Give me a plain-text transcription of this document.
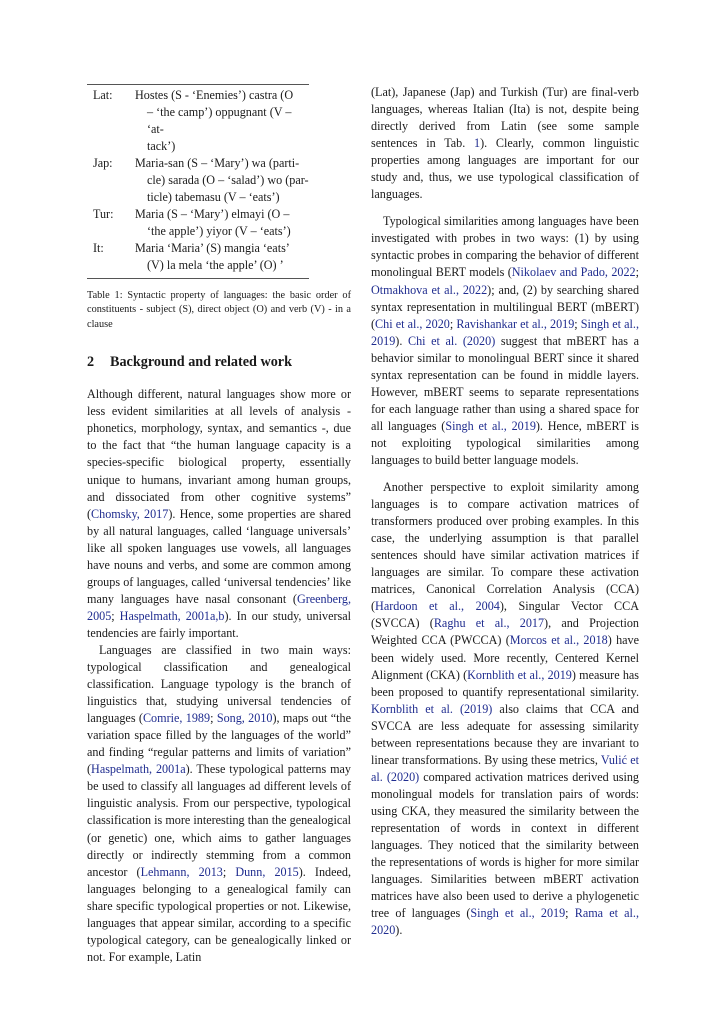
Lat:	Hostes (S - ‘Enemies’) castra (O
– ‘the camp’) oppugnant (V – ‘at-
tack’)

Jap:	Maria-san (S – ‘Mary’) wa (parti-
cle) sarada (O – ‘salad’) wo (par-
ticle) tabemasu (V – ‘eats’)

Tur:	Maria (S – ‘Mary’) elmayi (O –
‘the apple’) yiyor (V – ‘eats’)

It:	Maria ‘Maria’ (S) mangia ‘eats’
(V) la mela ‘the apple’ (O) ’
Table 1: Syntactic property of languages: the basic order of constituents - subject (S), direct object (O) and verb (V) - in a clause
2 Background and related work

Although different, natural languages show more or less evident similarities at all levels of analysis - phonetics, morphology, syntax, and semantics -, due to the fact that “the human language capacity is a species-specific biological property, essentially unique to humans, invariant among human groups, and dissociated from other cognitive systems” (Chomsky, 2017). Hence, some properties are shared by all natural languages, called ‘language universals’ like all spoken languages use vowels, all languages have nouns and verbs, and some are common among groups of languages, called ‘universal tendencies’ like many languages have nasal consonant (Greenberg, 2005; Haspelmath, 2001a,b). In our study, universal tendencies are fairly important.

Languages are classified in two main ways: typological classification and genealogical classification. Language typology is the branch of linguistics that, studying universal tendencies of languages (Comrie, 1989; Song, 2010), maps out “the variation space filled by the languages of the world” and finding “regular patterns and limits of variation” (Haspelmath, 2001a). These typological patterns may be used to classify all languages ad different levels of linguistic analysis. From our perspective, typological classification is more interesting than the genealogical (or genetic) one, which aims to gather languages directly or indirectly stemming from a common ancestor (Lehmann, 2013; Dunn, 2015). Indeed, languages belonging to a genealogical family can share specific typological properties or not. Likewise, languages that appear similar, according to a specific typological category, can be genealogically linked or not. For example, Latin

(Lat), Japanese (Jap) and Turkish (Tur) are final-verb languages, whereas Italian (Ita) is not, despite being directly derived from Latin (see some sample sentences in Tab. 1). Clearly, common linguistic properties among languages are important for our study and, thus, we use typological classification of languages.

Typological similarities among languages have been investigated with probes in two ways: (1) by using syntactic probes in comparing the behavior of different monolingual BERT models (Nikolaev and Pado, 2022; Otmakhova et al., 2022); and, (2) by searching shared syntax representation in multilingual BERT (mBERT) (Chi et al., 2020; Ravishankar et al., 2019; Singh et al., 2019). Chi et al. (2020) suggest that mBERT has a behavior similar to monolingual BERT since it shared syntax representation can be found in middle layers. However, mBERT seems to separate representations for each language rather than using a shared space for all languages (Singh et al., 2019). Hence, mBERT is not exploiting typological similarities among languages to build better language models.

Another perspective to exploit similarity among languages is to compare activation matrices of transformers produced over probing examples. In this case, the underlying assumption is that parallel sentences should have similar activation matrices if languages are similar. To compare these activation matrices, Canonical Correlation Analysis (CCA) (Hardoon et al., 2004), Singular Vector CCA (SVCCA) (Raghu et al., 2017), and Projection Weighted CCA (PWCCA) (Morcos et al., 2018) have been widely used. More recently, Centered Kernel Alignment (CKA) (Kornblith et al., 2019) measure has been proposed to quantify representational similarity. Kornblith et al. (2019) also claims that CCA and SVCCA are less adequate for assessing similarity between representations because they are invariant to linear transformations. By using these metrics, Vulić et al. (2020) compared activation matrices derived using monolingual models for translation pairs of words: using CKA, they measured the similarity between the representation of words in context in different languages. They noticed that the similarity between the representations of words is higher for more similar languages. Similarities between mBERT activation matrices have also been used to derive a phylogenetic tree of languages (Singh et al., 2019; Rama et al., 2020).
